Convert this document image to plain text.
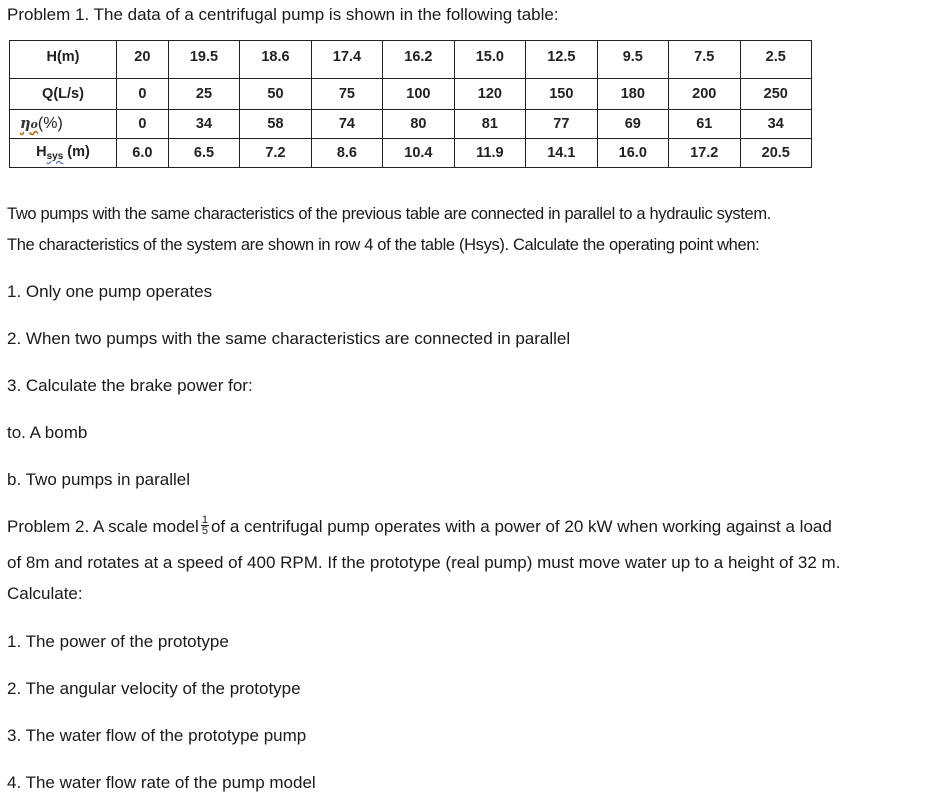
Problem 1. The data of a centrifugal pump is shown in the following table:
H(m)	20	19.5	18.6	17.4	16.2	15.0	12.5	9.5	7.5	2.5
Q(L/s)	0	25	50	75	100	120	150	180	200	250
ηo(%)	0	34	58	74	80	81	77	69	61	34
$H_{sys}$ (m)	6.0	6.5	7.2	8.6	10.4	11.9	14.1	16.0	17.2	20.5
Two pumps with the same characteristics of the previous table are connected in parallel to a hydraulic system.
The characteristics of the system are shown in row 4 of the table (Hsys). Calculate the operating point when:
1. Only one pump operates
2. When two pumps with the same characteristics are connected in parallel
3. Calculate the brake power for:
to. A bomb
b. Two pumps in parallel
Problem 2. A scale model $\frac{1}{5}$ of a centrifugal pump operates with a power of 20 kW when working against a load
of 8m and rotates at a speed of 400 RPM. If the prototype (real pump) must move water up to a height of 32 m.
Calculate:
1. The power of the prototype
2. The angular velocity of the prototype
3. The water flow of the prototype pump
4. The water flow rate of the pump model
